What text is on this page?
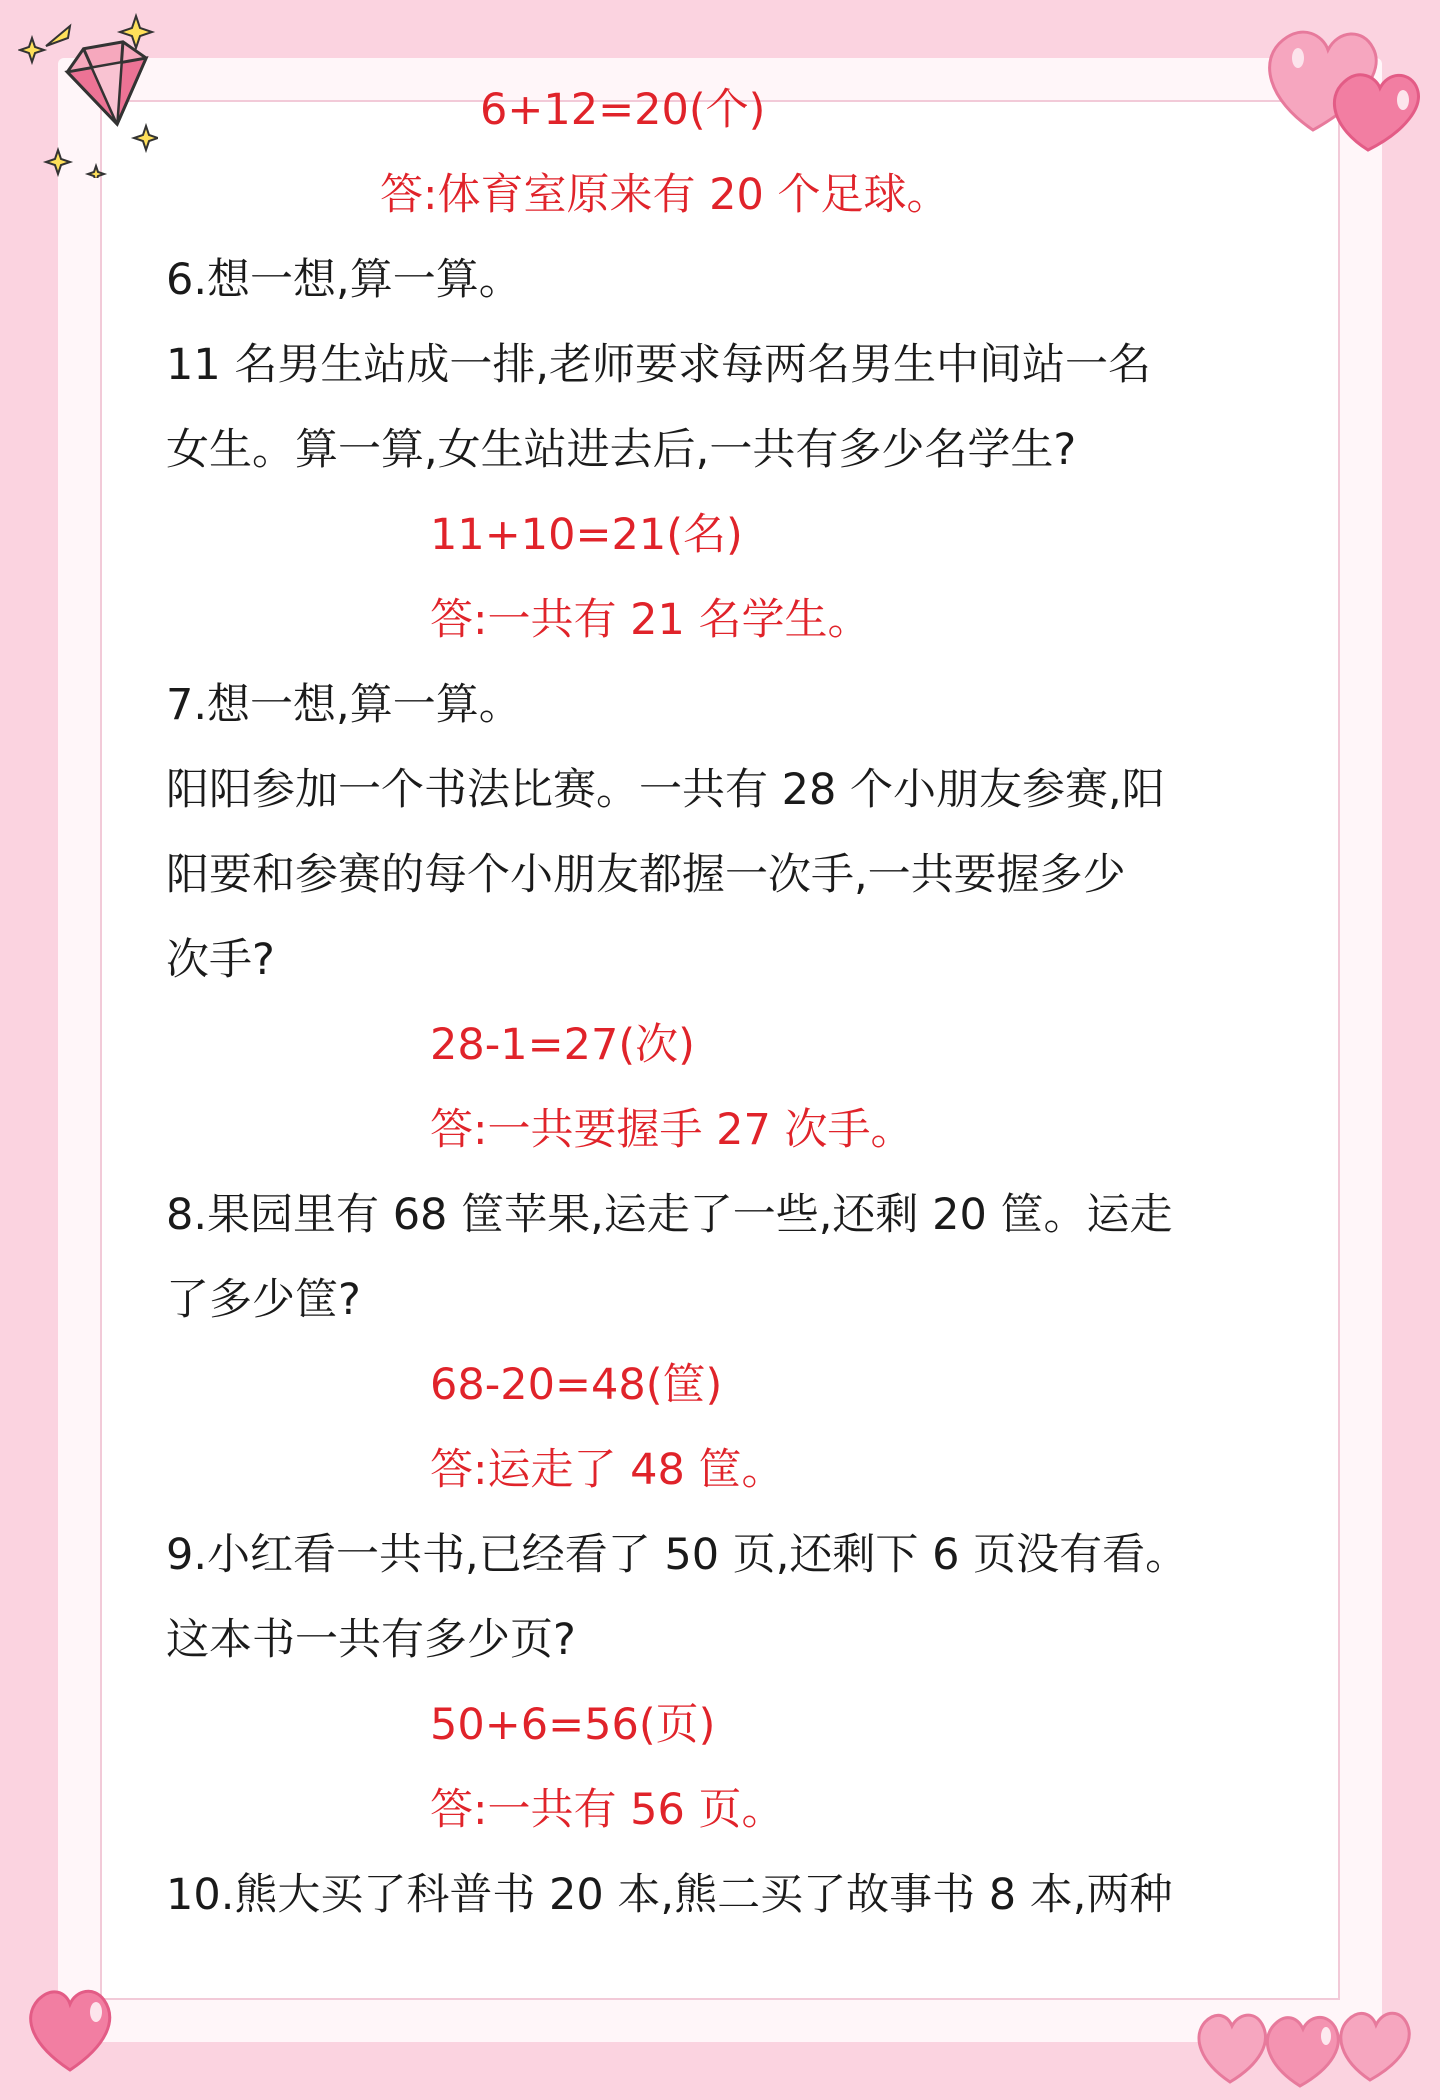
6+12=20(个)
答:体育室原来有 20 个足球。
6.想一想,算一算。
11 名男生站成一排,老师要求每两名男生中间站一名
女生。算一算,女生站进去后,一共有多少名学生?
11+10=21(名)
答:一共有 21 名学生。
7.想一想,算一算。
阳阳参加一个书法比赛。一共有 28 个小朋友参赛,阳
阳要和参赛的每个小朋友都握一次手,一共要握多少
次手?
28-1=27(次)
答:一共要握手 27 次手。
8.果园里有 68 筐苹果,运走了一些,还剩 20 筐。运走
了多少筐?
68-20=48(筐)
答:运走了 48 筐。
9.小红看一共书,已经看了 50 页,还剩下 6 页没有看。
这本书一共有多少页?
50+6=56(页)
答:一共有 56 页。
10.熊大买了科普书 20 本,熊二买了故事书 8 本,两种
